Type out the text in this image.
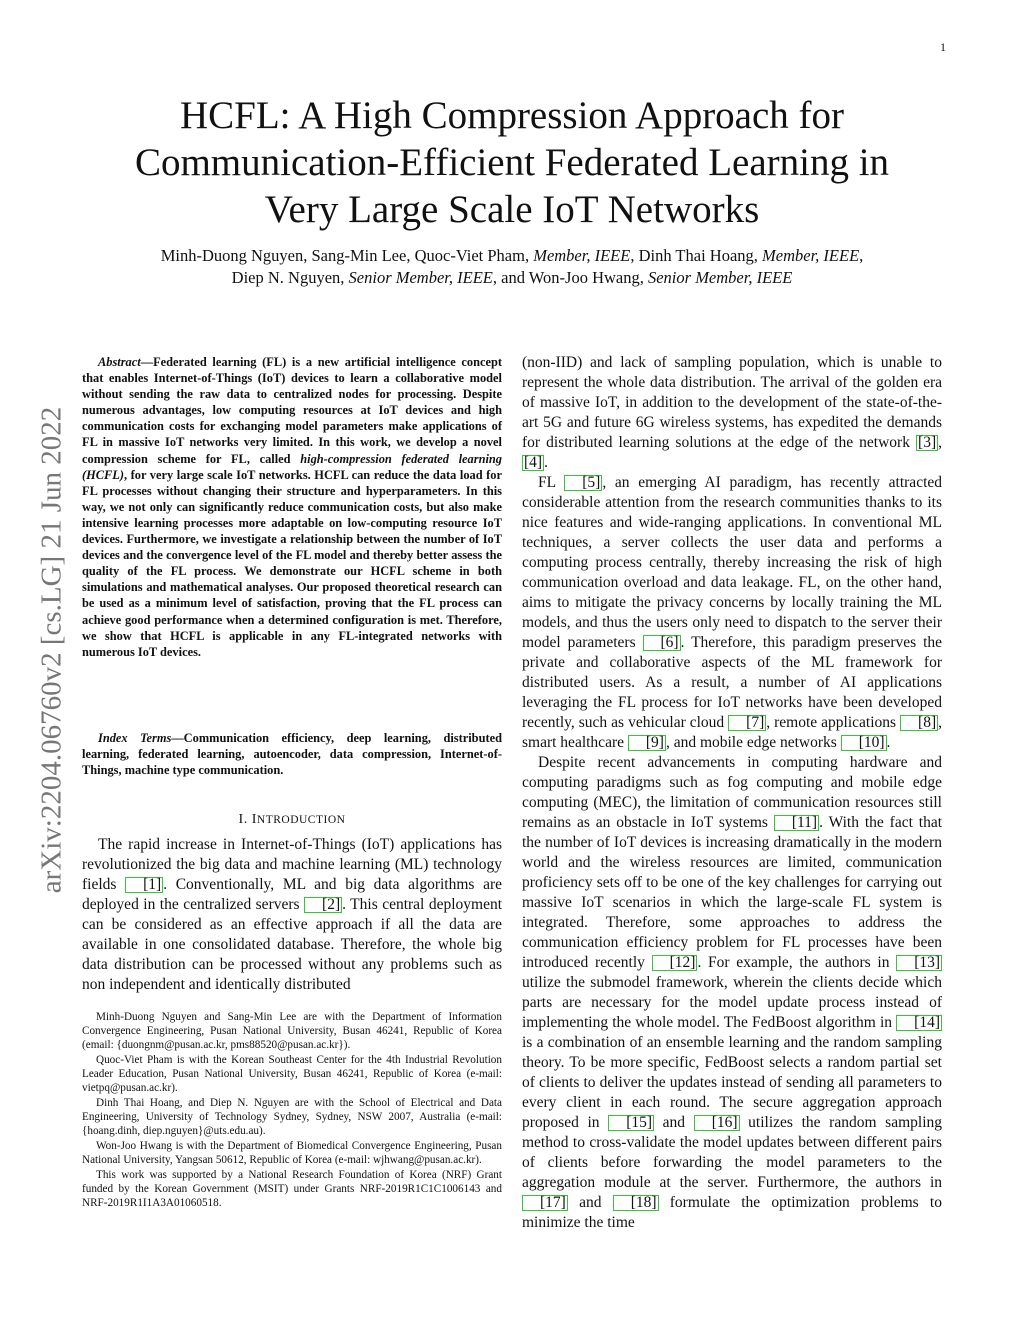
1
arXiv:2204.06760v2 [cs.LG] 21 Jun 2022
HCFL: A High Compression Approach for
Communication-Efficient Federated Learning in
Very Large Scale IoT Networks
Minh-Duong Nguyen, Sang-Min Lee, Quoc-Viet Pham, Member, IEEE, Dinh Thai Hoang, Member, IEEE,
Diep N. Nguyen, Senior Member, IEEE, and Won-Joo Hwang, Senior Member, IEEE
Abstract—Federated learning (FL) is a new artificial intelligence concept that enables Internet-of-Things (IoT) devices to learn a collaborative model without sending the raw data to centralized nodes for processing. Despite numerous advantages, low computing resources at IoT devices and high communication costs for exchanging model parameters make applications of FL in massive IoT networks very limited. In this work, we develop a novel compression scheme for FL, called high-compression federated learning (HCFL), for very large scale IoT networks. HCFL can reduce the data load for FL processes without changing their structure and hyperparameters. In this way, we not only can significantly reduce communication costs, but also make intensive learning processes more adaptable on low-computing resource IoT devices. Furthermore, we investigate a relationship between the number of IoT devices and the convergence level of the FL model and thereby better assess the quality of the FL process. We demonstrate our HCFL scheme in both simulations and mathematical analyses. Our proposed theoretical research can be used as a minimum level of satisfaction, proving that the FL process can achieve good performance when a determined configuration is met. Therefore, we show that HCFL is applicable in any FL-integrated networks with numerous IoT devices.
Index Terms—Communication efficiency, deep learning, distributed learning, federated learning, autoencoder, data compression, Internet-of-Things, machine type communication.
I. INTRODUCTION
The rapid increase in Internet-of-Things (IoT) applications has revolutionized the big data and machine learning (ML) technology fields [1] . Conventionally, ML and big data algorithms are deployed in the centralized servers [2] . This central deployment can be considered as an effective approach if all the data are available in one consolidated database. Therefore, the whole big data distribution can be processed without any problems such as non independent and identically distributed
Minh-Duong Nguyen and Sang-Min Lee are with the Department of Information Convergence Engineering, Pusan National University, Busan 46241, Republic of Korea (email: {duongnm@pusan.ac.kr, pms88520@pusan.ac.kr}).
Quoc-Viet Pham is with the Korean Southeast Center for the 4th Industrial Revolution Leader Education, Pusan National University, Busan 46241, Republic of Korea (e-mail: vietpq@pusan.ac.kr).
Dinh Thai Hoang, and Diep N. Nguyen are with the School of Electrical and Data Engineering, University of Technology Sydney, Sydney, NSW 2007, Australia (e-mail: {hoang.dinh, diep.nguyen}@uts.edu.au).
Won-Joo Hwang is with the Department of Biomedical Convergence Engineering, Pusan National University, Yangsan 50612, Republic of Korea (e-mail: wjhwang@pusan.ac.kr).
This work was supported by a National Research Foundation of Korea (NRF) Grant funded by the Korean Government (MSIT) under Grants NRF-2019R1C1C1006143 and NRF-2019R1I1A3A01060518.
(non-IID) and lack of sampling population, which is unable to represent the whole data distribution. The arrival of the golden era of massive IoT, in addition to the development of the state-of-the-art 5G and future 6G wireless systems, has expedited the demands for distributed learning solutions at the edge of the network [3] , [4] .
FL [5] , an emerging AI paradigm, has recently attracted considerable attention from the research communities thanks to its nice features and wide-ranging applications. In conventional ML techniques, a server collects the user data and performs a computing process centrally, thereby increasing the risk of high communication overload and data leakage. FL, on the other hand, aims to mitigate the privacy concerns by locally training the ML models, and thus the users only need to dispatch to the server their model parameters [6] . Therefore, this paradigm preserves the private and collaborative aspects of the ML framework for distributed users. As a result, a number of AI applications leveraging the FL process for IoT networks have been developed recently, such as vehicular cloud [7] , remote applications [8] , smart healthcare [9] , and mobile edge networks [10] .
Despite recent advancements in computing hardware and computing paradigms such as fog computing and mobile edge computing (MEC), the limitation of communication resources still remains as an obstacle in IoT systems [11] . With the fact that the number of IoT devices is increasing dramatically in the modern world and the wireless resources are limited, communication proficiency sets off to be one of the key challenges for carrying out massive IoT scenarios in which the large-scale FL system is integrated. Therefore, some approaches to address the communication efficiency problem for FL processes have been introduced recently [12] . For example, the authors in [13] utilize the submodel framework, wherein the clients decide which parts are necessary for the model update process instead of implementing the whole model. The FedBoost algorithm in [14] is a combination of an ensemble learning and the random sampling theory. To be more specific, FedBoost selects a random partial set of clients to deliver the updates instead of sending all parameters to every client in each round. The secure aggregation approach proposed in [15] and [16] utilizes the random sampling method to cross-validate the model updates between different pairs of clients before forwarding the model parameters to the aggregation module at the server. Furthermore, the authors in [17] and [18] formulate the optimization problems to minimize the time
